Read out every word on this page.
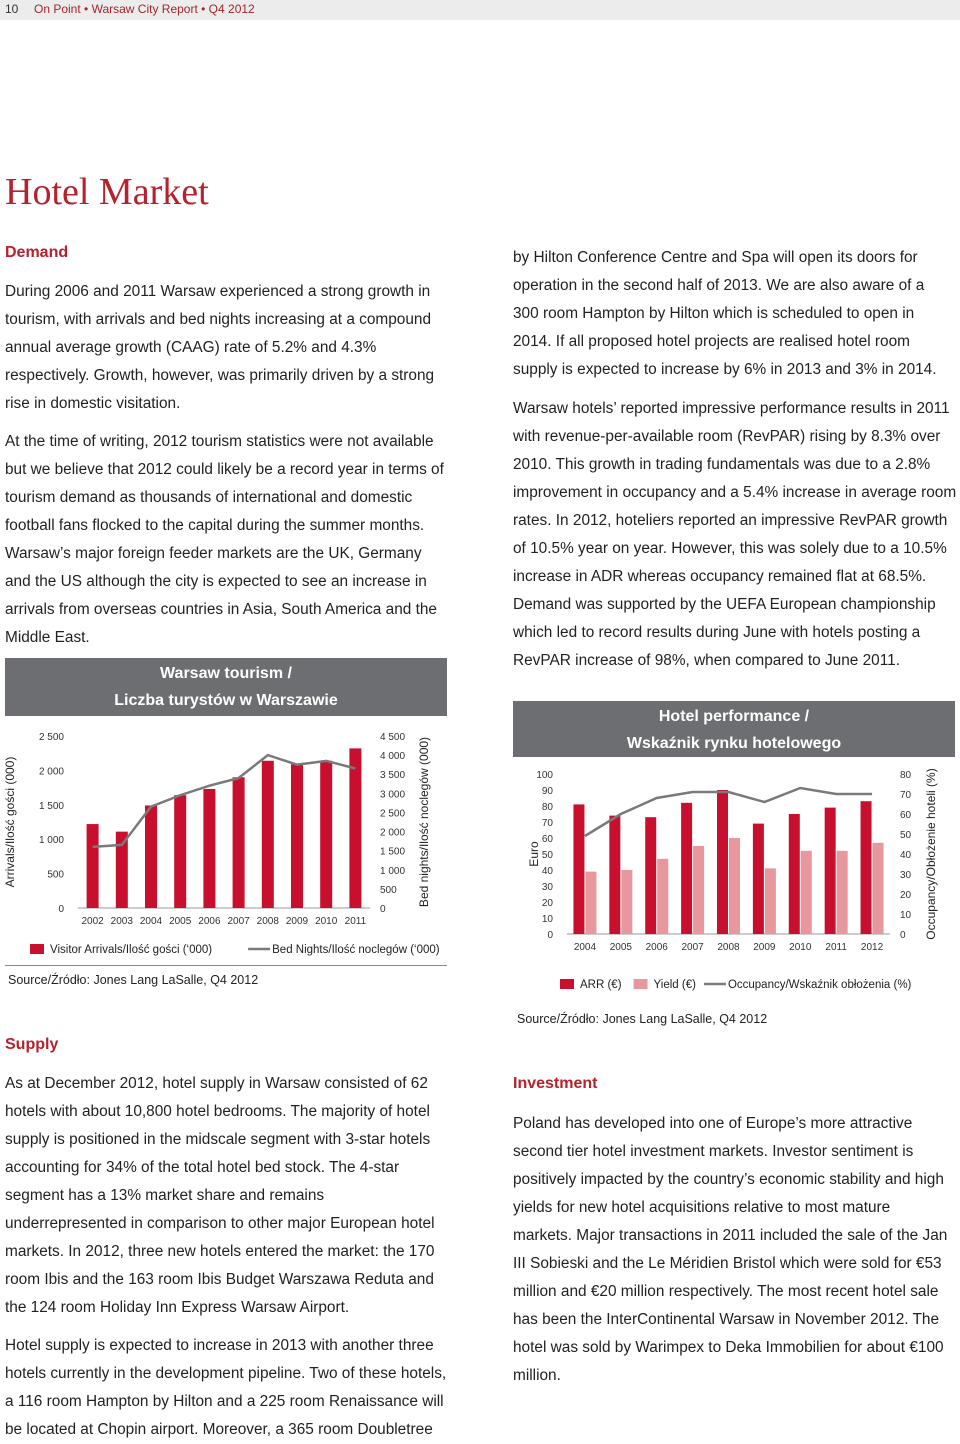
10 On Point • Warsaw City Report • Q4 2012
Hotel Market
Demand

During 2006 and 2011 Warsaw experienced a strong growth in tourism, with arrivals and bed nights increasing at a compound annual average growth (CAAG) rate of 5.2% and 4.3% respectively. Growth, however, was primarily driven by a strong rise in domestic visitation.

At the time of writing, 2012 tourism statistics were not available but we believe that 2012 could likely be a record year in terms of tourism demand as thousands of international and domestic football fans flocked to the capital during the summer months. Warsaw’s major foreign feeder markets are the UK, Germany and the US although the city is expected to see an increase in arrivals from overseas countries in Asia, South America and the Middle East.

by Hilton Conference Centre and Spa will open its doors for operation in the second half of 2013. We are also aware of a 300 room Hampton by Hilton which is scheduled to open in 2014. If all proposed hotel projects are realised hotel room supply is expected to increase by 6% in 2013 and 3% in 2014.

Warsaw hotels’ reported impressive performance results in 2011 with revenue-per-available room (RevPAR) rising by 8.3% over 2010. This growth in trading fundamentals was due to a 2.8% improvement in occupancy and a 5.4% increase in average room rates. In 2012, hoteliers reported an impressive RevPAR growth of 10.5% year on year. However, this was solely due to a 10.5% increase in ADR whereas occupancy remained flat at 68.5%. Demand was supported by the UEFA European championship which led to record results during June with hotels posting a RevPAR increase of 98%, when compared to June 2011.

Warsaw tourism /
Liczba turystów w Warszawie
0
500
1 000
1 500
2 000
2 500
0
500
1 000
1 500
2 000
2 500
3 000
3 500
4 000
4 500
Arrivals/Ilość gości (000)	Bed nights/Ilość noclegów (000)
2002 2003 2004 2005 2006 2007 2008 2009 2010 2011
Visitor Arrivals/Ilość gości (‘000)	Bed Nights/Ilość noclegów (‘000)
Source/Źródło: Jones Lang LaSalle, Q4 2012
Hotel performance /
Wskaźnik rynku hotelowego
0
10
20
30
40
50
60
70
80
90
100
0
10
20
30
40
50
60
70
80
Euro	Occupancy/Obłożenie hoteli (%)
2004 2005 2006 2007 2008 2009 2010 2011 2012
ARR (€)	Yield (€)	Occupancy/Wskaźnik obłożenia (%)
Source/Źródło: Jones Lang LaSalle, Q4 2012
Supply

As at December 2012, hotel supply in Warsaw consisted of 62 hotels with about 10,800 hotel bedrooms. The majority of hotel supply is positioned in the midscale segment with 3-star hotels accounting for 34% of the total hotel bed stock. The 4-star segment has a 13% market share and remains underrepresented in comparison to other major European hotel markets. In 2012, three new hotels entered the market: the 170 room Ibis and the 163 room Ibis Budget Warszawa Reduta and the 124 room Holiday Inn Express Warsaw Airport.

Hotel supply is expected to increase in 2013 with another three hotels currently in the development pipeline. Two of these hotels, a 116 room Hampton by Hilton and a 225 room Renaissance will be located at Chopin airport. Moreover, a 365 room Doubletree

Investment

Poland has developed into one of Europe’s more attractive second tier hotel investment markets. Investor sentiment is positively impacted by the country’s economic stability and high yields for new hotel acquisitions relative to most mature markets. Major transactions in 2011 included the sale of the Jan III Sobieski and the Le Méridien Bristol which were sold for €53 million and €20 million respectively. The most recent hotel sale has been the InterContinental Warsaw in November 2012. The hotel was sold by Warimpex to Deka Immobilien for about €100 million.
